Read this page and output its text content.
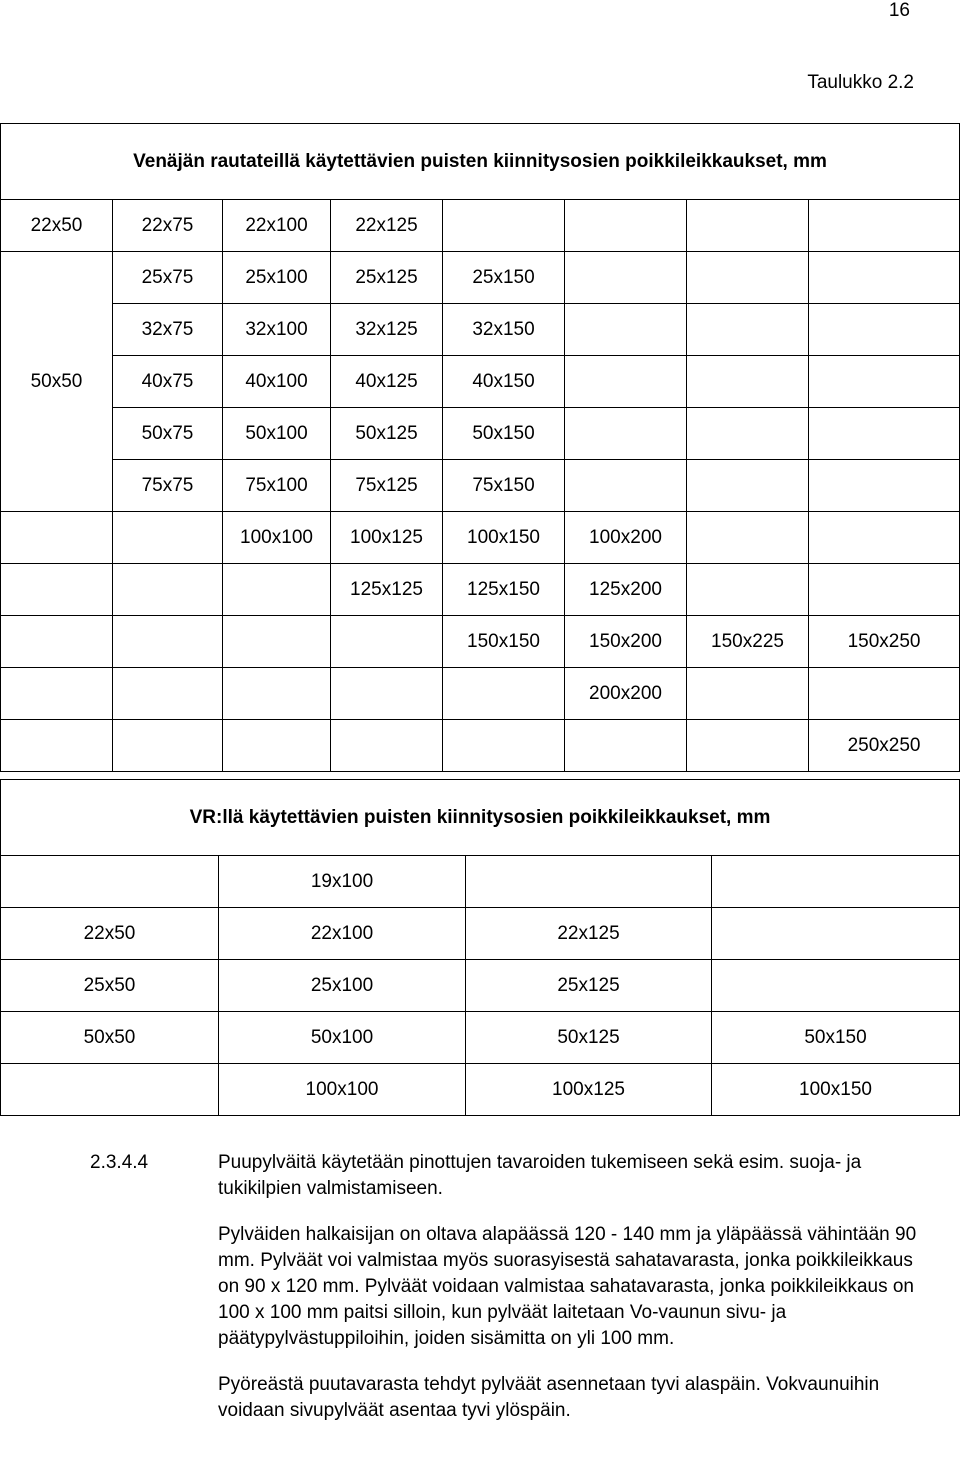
16
Taulukko 2.2
Venäjän rautateillä käytettävien puisten kiinnitysosien poikkileikkaukset, mm							
22x50	22x75	22x100	22x125				
50x50	25x75	25x100	25x125	25x150			
	32x75	32x100	32x125	32x150			
	40x75	40x100	40x125	40x150			
	50x75	50x100	50x125	50x150			
	75x75	75x100	75x125	75x150			
		100x100	100x125	100x150	100x200		
			125x125	125x150	125x200		
				150x150	150x200	150x225	150x250
					200x200		
							250x250
VR:llä käytettävien puisten kiinnitysosien poikkileikkaukset, mm			
	19x100		
22x50	22x100	22x125	
25x50	25x100	25x125	
50x50	50x100	50x125	50x150
	100x100	100x125	100x150
2.3.4.4	Puupylväitä käytetään pinottujen tavaroiden tukemiseen sekä esim. suoja- ja tukikilpien valmistamiseen.

Pylväiden halkaisijan on oltava alapäässä 120 - 140 mm ja yläpäässä vähintään 90 mm. Pylväät voi valmistaa myös suorasyisestä sahatavarasta, jonka poikkileikkaus on 90 x 120 mm. Pylväät voidaan valmistaa sahatavarasta, jonka poikkileikkaus on 100 x 100 mm paitsi silloin, kun pylväät laitetaan Vo-vaunun sivu- ja päätypylvästuppiloihin, joiden sisämitta on yli 100 mm.

Pyöreästä puutavarasta tehdyt pylväät asennetaan tyvi alaspäin. Vokvaunuihin voidaan sivupylväät asentaa tyvi ylöspäin.
